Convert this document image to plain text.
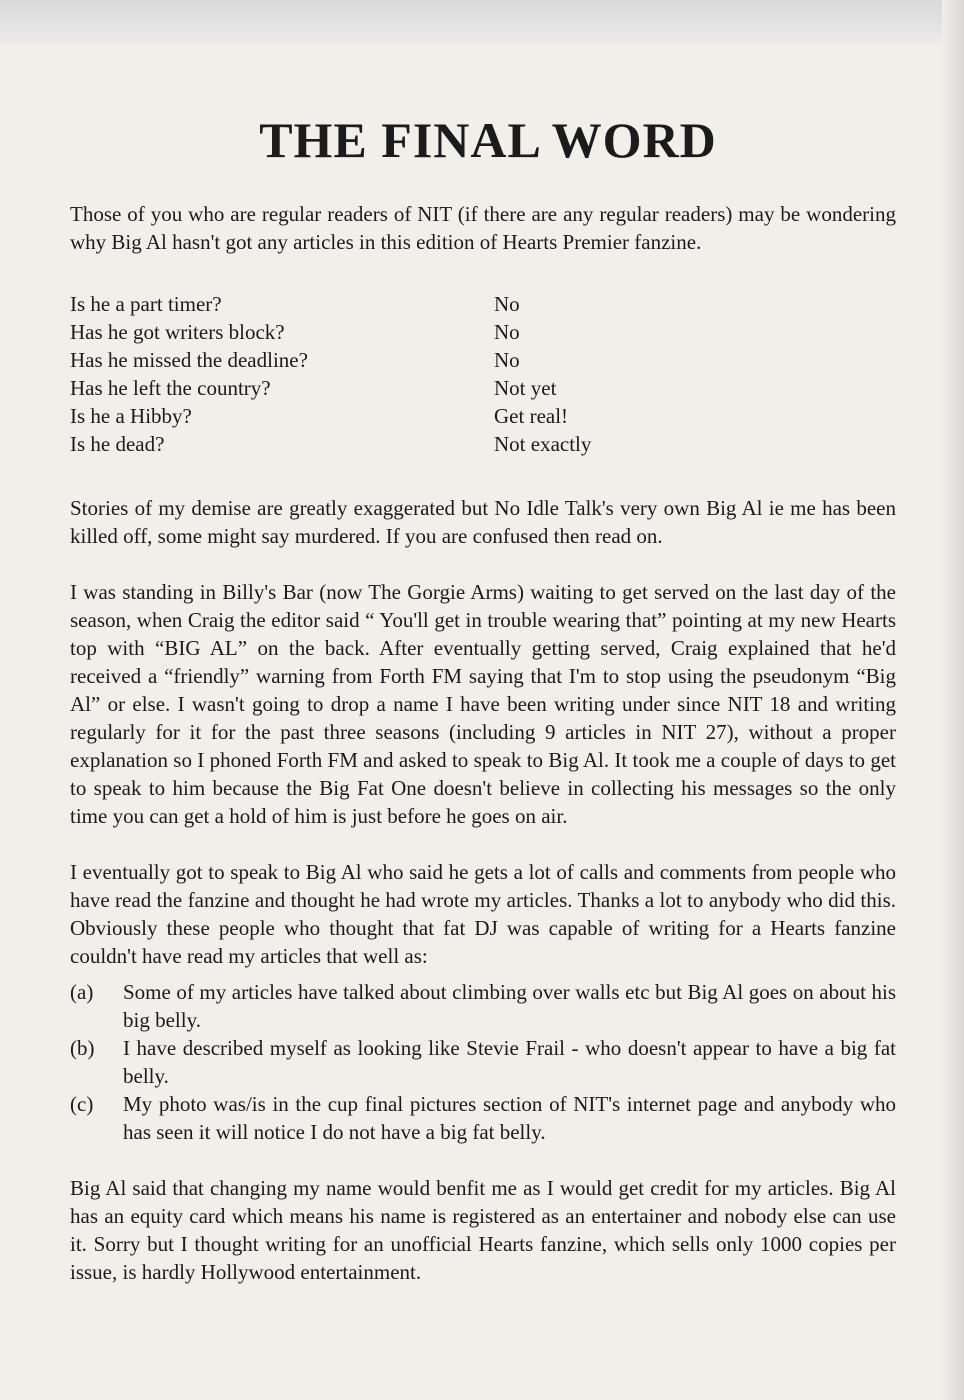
THE FINAL WORD

Those of you who are regular readers of NIT (if there are any regular readers) may be wondering why Big Al hasn't got any articles in this edition of Hearts Premier fanzine.

Is he a part timer?	No
Has he got writers block?	No
Has he missed the deadline?	No
Has he left the country?	Not yet
Is he a Hibby?	Get real!
Is he dead?	Not exactly

Stories of my demise are greatly exaggerated but No Idle Talk's very own Big Al ie me has been killed off, some might say murdered. If you are confused then read on.

I was standing in Billy's Bar (now The Gorgie Arms) waiting to get served on the last day of the season, when Craig the editor said “ You'll get in trouble wearing that” pointing at my new Hearts top with “BIG AL” on the back. After eventually getting served, Craig explained that he'd received a “friendly” warning from Forth FM saying that I'm to stop using the pseudonym “Big Al” or else. I wasn't going to drop a name I have been writing under since NIT 18 and writing regularly for it for the past three seasons (including 9 articles in NIT 27), without a proper explanation so I phoned Forth FM and asked to speak to Big Al. It took me a couple of days to get to speak to him because the Big Fat One doesn't believe in collecting his messages so the only time you can get a hold of him is just before he goes on air.

I eventually got to speak to Big Al who said he gets a lot of calls and comments from people who have read the fanzine and thought he had wrote my articles. Thanks a lot to anybody who did this. Obviously these people who thought that fat DJ was capable of writing for a Hearts fanzine couldn't have read my articles that well as:

(a)	Some of my articles have talked about climbing over walls etc but Big Al goes on about his big belly.
(b)	I have described myself as looking like Stevie Frail - who doesn't appear to have a big fat belly.
(c)	My photo was/is in the cup final pictures section of NIT's internet page and anybody who has seen it will notice I do not have a big fat belly.

Big Al said that changing my name would benfit me as I would get credit for my articles. Big Al has an equity card which means his name is registered as an entertainer and nobody else can use it. Sorry but I thought writing for an unofficial Hearts fanzine, which sells only 1000 copies per issue, is hardly Hollywood entertainment.
